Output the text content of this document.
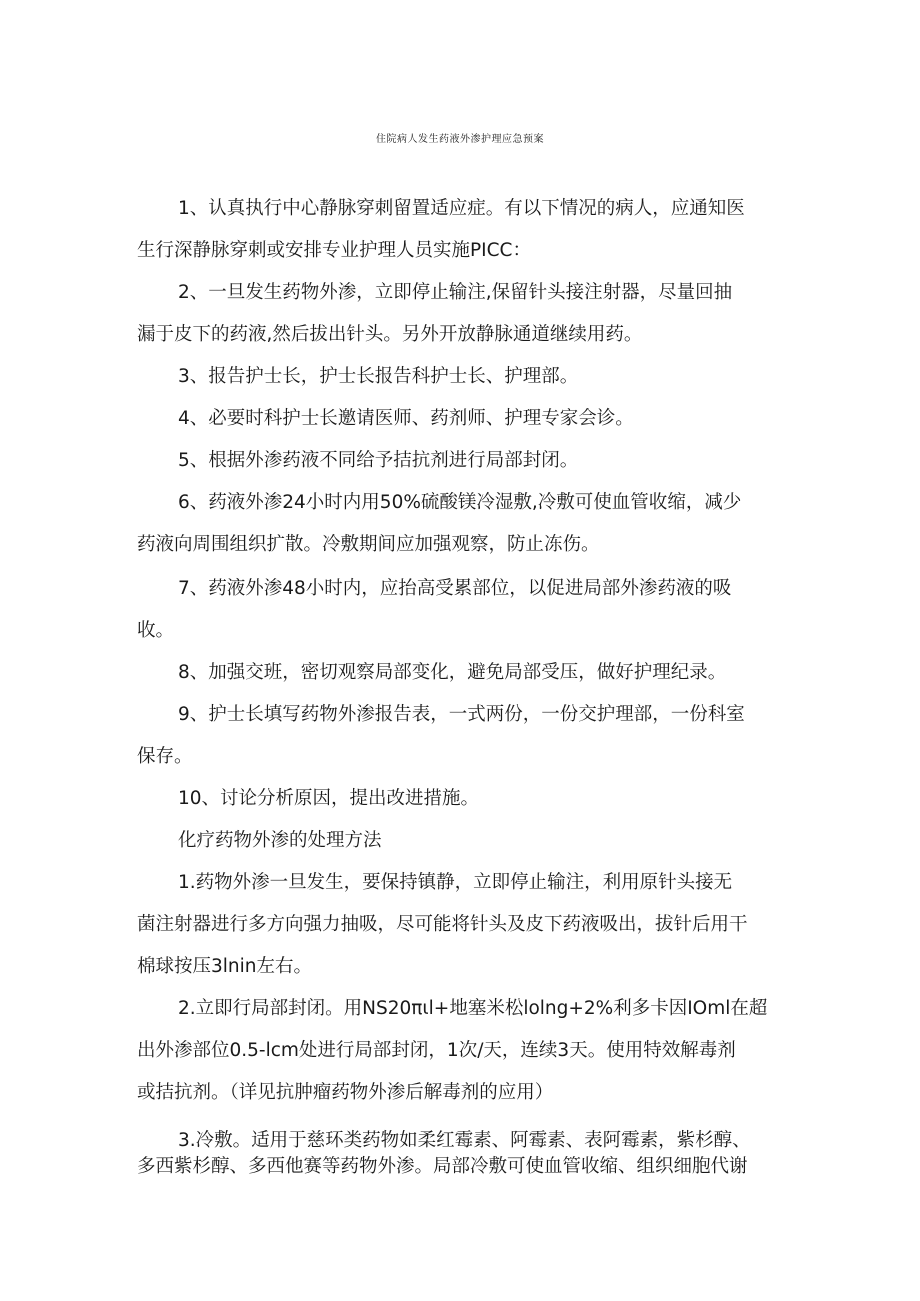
住院病人发生药液外渗护理应急预案

1、认真执行中心静脉穿刺留置适应症。有以下情况的病人，应通知医

生行深静脉穿刺或安排专业护理人员实施PICC：

2、一旦发生药物外渗，立即停止输注,保留针头接注射器，尽量回抽

漏于皮下的药液,然后拔出针头。另外开放静脉通道继续用药。

3、报告护士长，护士长报告科护士长、护理部。

4、必要时科护士长邀请医师、药剂师、护理专家会诊。

5、根据外渗药液不同给予拮抗剂进行局部封闭。

6、药液外渗24小时内用50%硫酸镁冷湿敷,冷敷可使血管收缩，减少

药液向周围组织扩散。冷敷期间应加强观察，防止冻伤。

7、药液外渗48小时内，应抬高受累部位，以促进局部外渗药液的吸

收。

8、加强交班，密切观察局部变化，避免局部受压，做好护理纪录。

9、护士长填写药物外渗报告表，一式两份，一份交护理部，一份科室

保存。

10、讨论分析原因，提出改进措施。

化疗药物外渗的处理方法

1.药物外渗一旦发生，要保持镇静，立即停止输注，利用原针头接无

菌注射器进行多方向强力抽吸，尽可能将针头及皮下药液吸出，拔针后用干

棉球按压3lnin左右。

2.立即行局部封闭。用NS20πιl+地塞米松lolng+2%利多卡因IOml在超

出外渗部位0.5-lcm处进行局部封闭，1次/天，连续3天。使用特效解毒剂

或拮抗剂。（详见抗肿瘤药物外渗后解毒剂的应用）

3.冷敷。适用于慈环类药物如柔红霉素、阿霉素、表阿霉素，紫杉醇、

多西紫杉醇、多西他赛等药物外渗。局部冷敷可使血管收缩、组织细胞代谢
